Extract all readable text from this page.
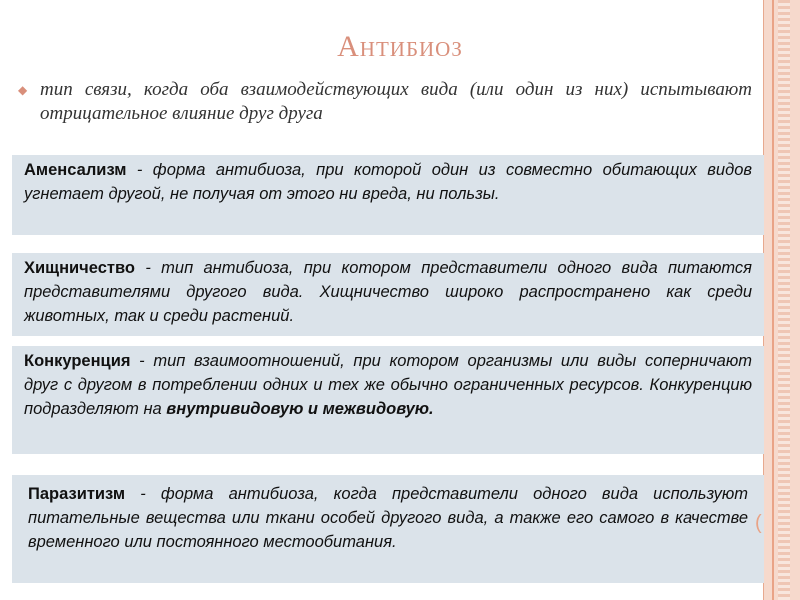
Антибиоз
◆ тип связи, когда оба взаимодействующих вида (или один из них) испытывают отрицательное влияние друг друга
Аменсализм - форма антибиоза, при которой один из совместно обитающих видов угнетает другой, не получая от этого ни вреда, ни пользы.
Хищничество - тип антибиоза, при котором представители одного вида питаются представителями другого вида. Хищничество широко распространено как среди животных, так и среди растений.
Конкуренция - тип взаимоотношений, при котором организмы или виды соперничают друг с другом в потреблении одних и тех же обычно ограниченных ресурсов. Конкуренцию подразделяют на внутривидовую и межвидовую.
Паразитизм - форма антибиоза, когда представители одного вида используют питательные вещества или ткани особей другого вида, а также его самого в качестве временного или постоянного местообитания.
(
